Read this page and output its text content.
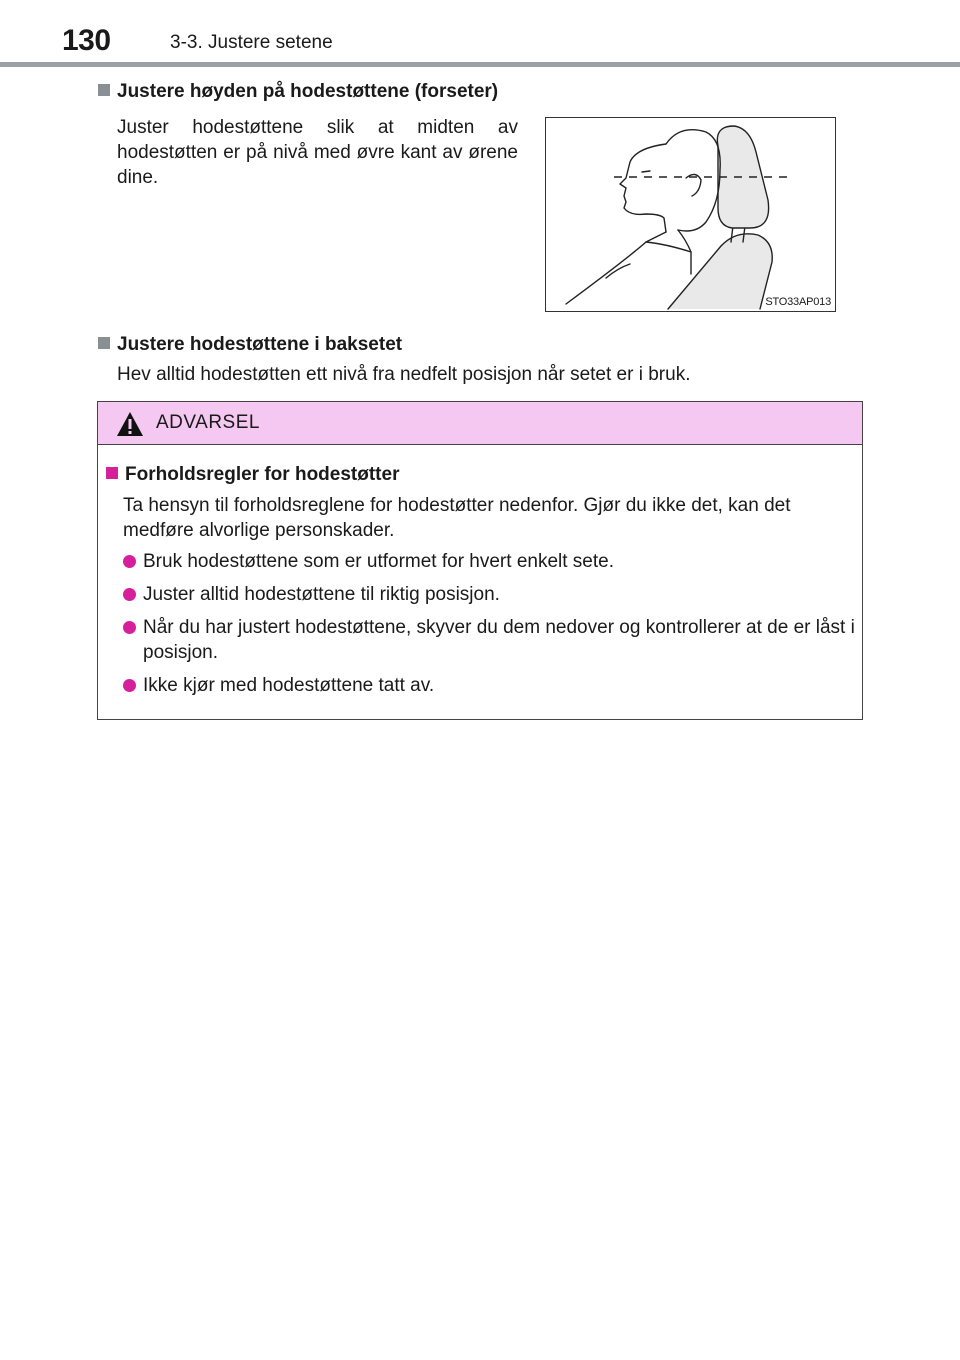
130	3-3. Justere setene
Justere høyden på hodestøttene (forseter)
Juster hodestøttene slik at midten av hodestøtten er på nivå med øvre kant av ørene dine.
STO33AP013
Justere hodestøttene i baksetet
Hev alltid hodestøtten ett nivå fra nedfelt posisjon når setet er i bruk.
ADVARSEL
Forholdsregler for hodestøtter
Ta hensyn til forholdsreglene for hodestøtter nedenfor. Gjør du ikke det, kan det medføre alvorlige personskader.
Bruk hodestøttene som er utformet for hvert enkelt sete.
Juster alltid hodestøttene til riktig posisjon.
Når du har justert hodestøttene, skyver du dem nedover og kontrollerer at de er låst i posisjon.
Ikke kjør med hodestøttene tatt av.
